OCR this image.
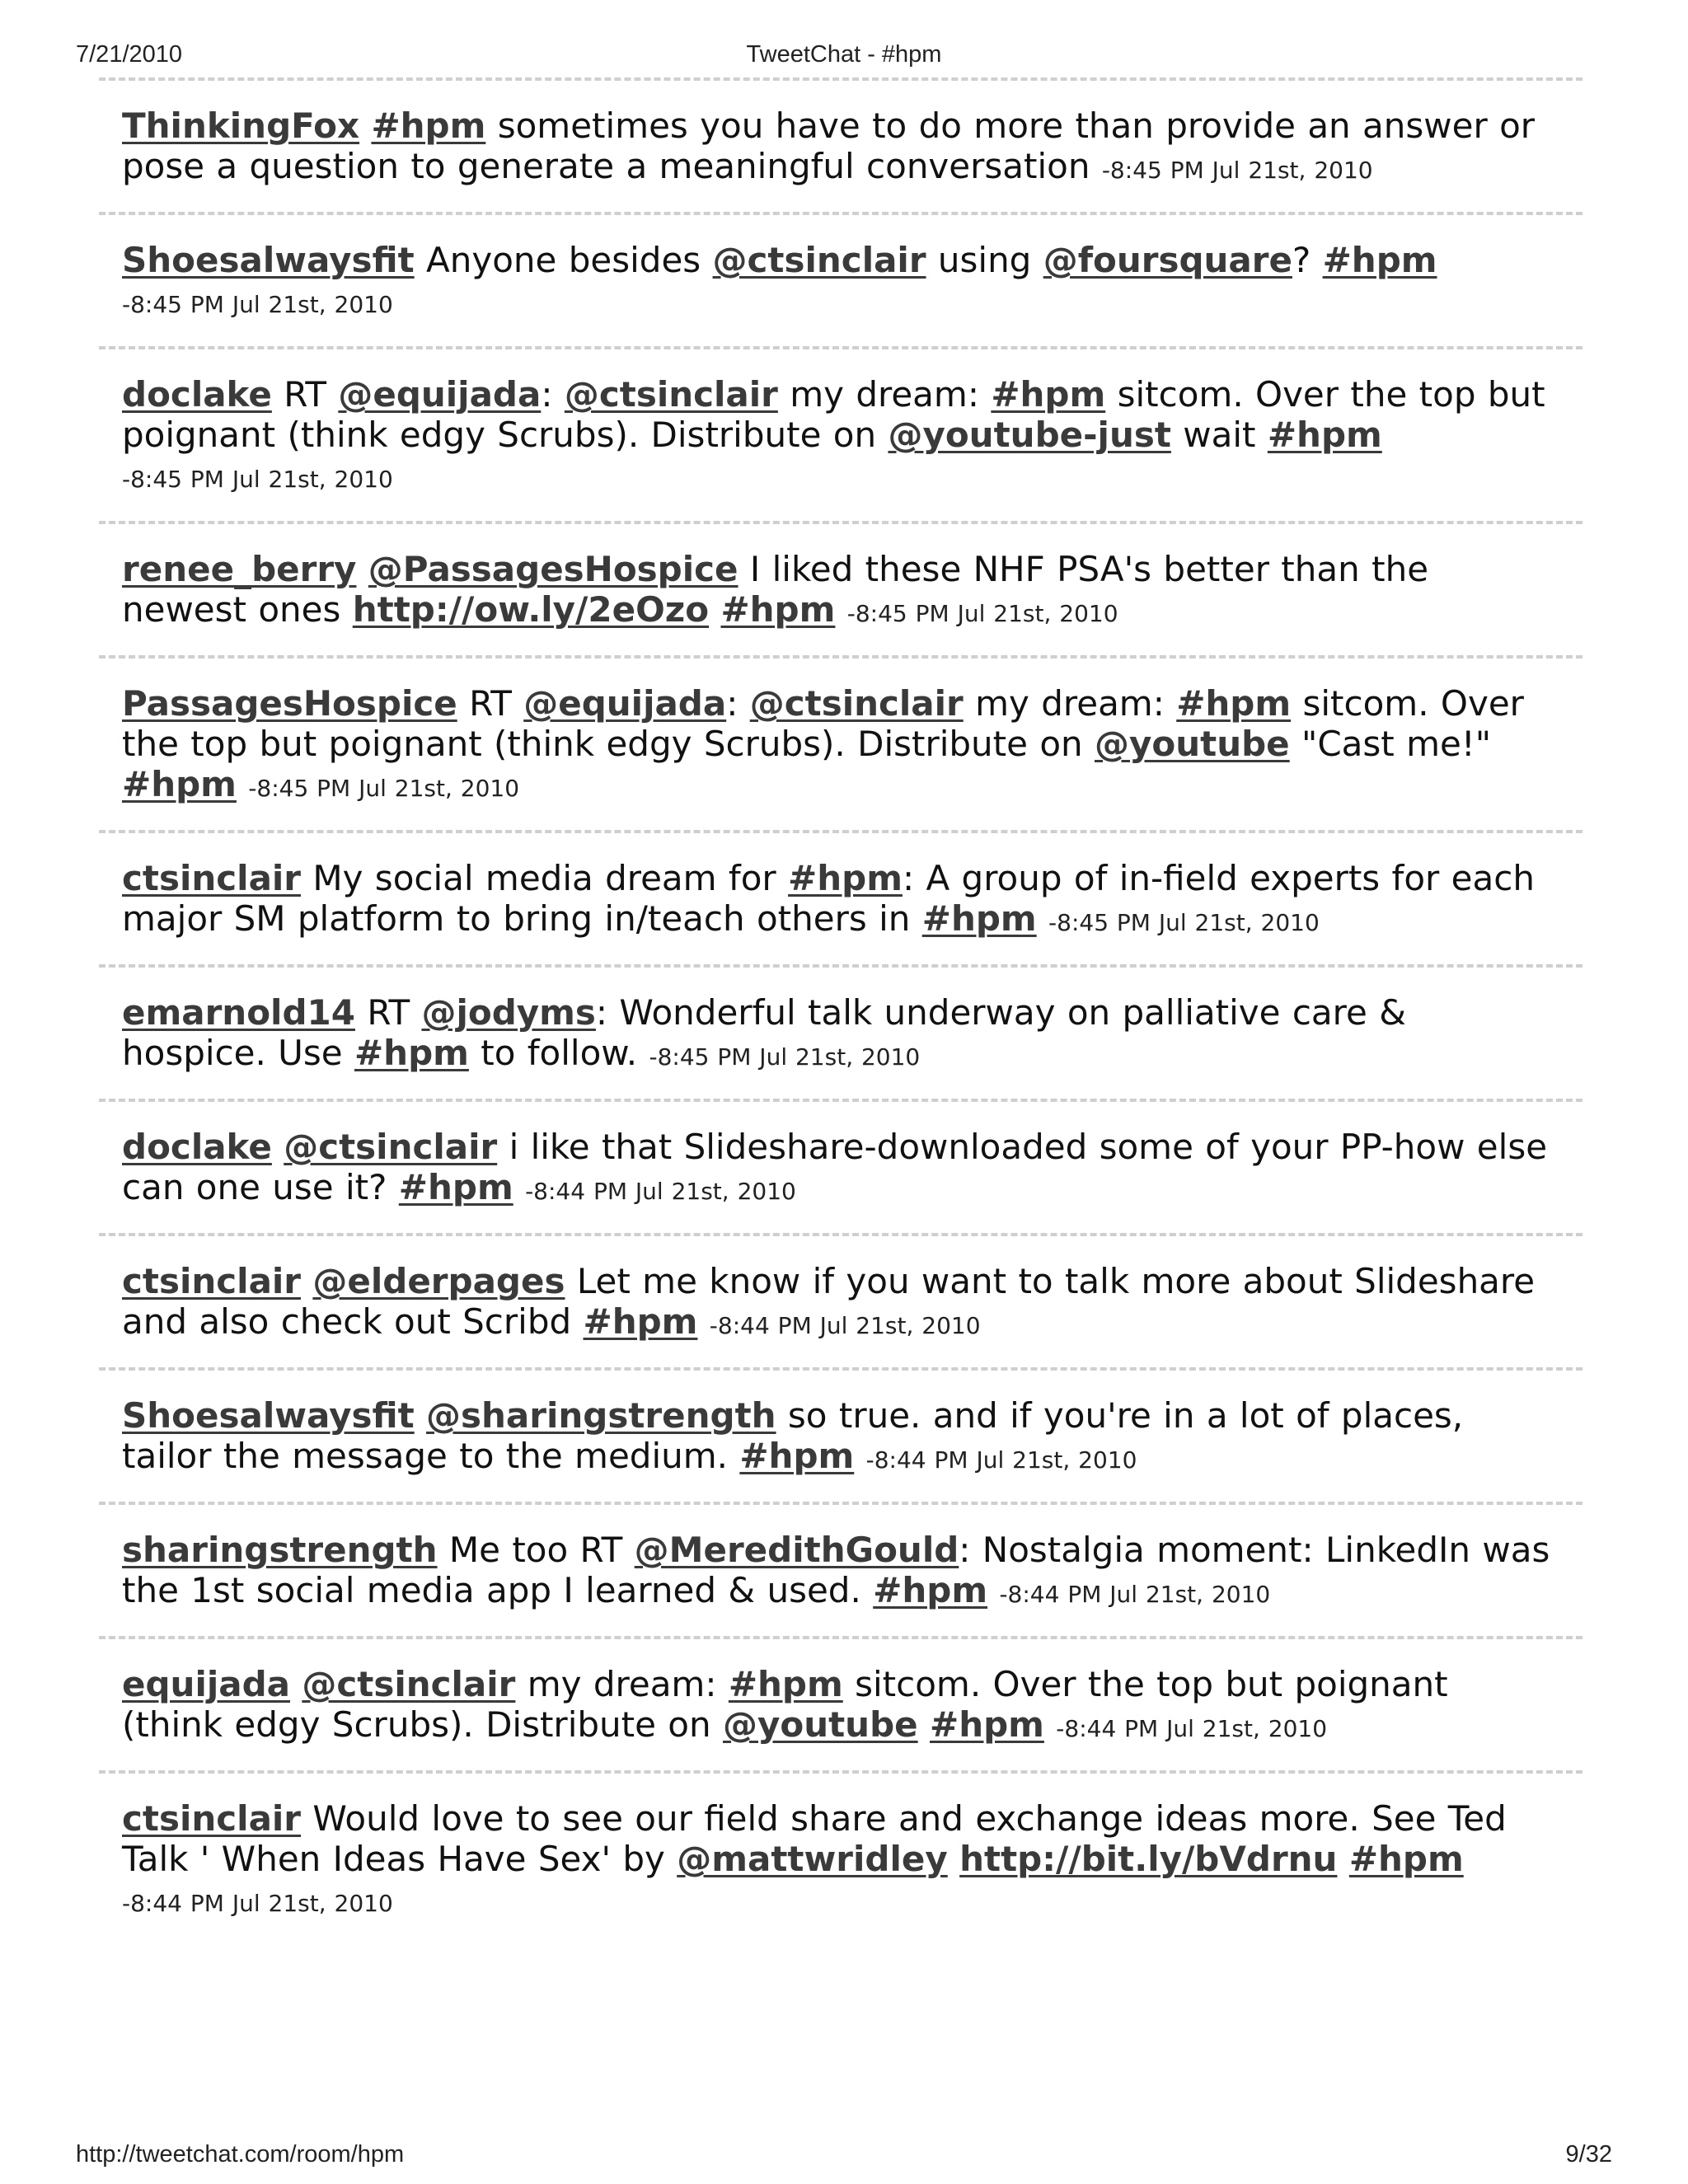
7/21/2010	TweetChat - #hpm
ThinkingFox #hpm sometimes you have to do more than provide an answer or pose a question to generate a meaningful conversation -8:45 PM Jul 21st, 2010
Shoesalwaysfit Anyone besides @ctsinclair using @foursquare? #hpm -8:45 PM Jul 21st, 2010
doclake RT @equijada: @ctsinclair my dream: #hpm sitcom. Over the top but poignant (think edgy Scrubs). Distribute on @youtube-just wait #hpm -8:45 PM Jul 21st, 2010
renee_berry @PassagesHospice I liked these NHF PSA's better than the newest ones http://ow.ly/2eOzo #hpm -8:45 PM Jul 21st, 2010
PassagesHospice RT @equijada: @ctsinclair my dream: #hpm sitcom. Over the top but poignant (think edgy Scrubs). Distribute on @youtube "Cast me!" #hpm -8:45 PM Jul 21st, 2010
ctsinclair My social media dream for #hpm: A group of in-field experts for each major SM platform to bring in/teach others in #hpm -8:45 PM Jul 21st, 2010
emarnold14 RT @jodyms: Wonderful talk underway on palliative care & hospice. Use #hpm to follow. -8:45 PM Jul 21st, 2010
doclake @ctsinclair i like that Slideshare-downloaded some of your PP-how else can one use it? #hpm -8:44 PM Jul 21st, 2010
ctsinclair @elderpages Let me know if you want to talk more about Slideshare and also check out Scribd #hpm -8:44 PM Jul 21st, 2010
Shoesalwaysfit @sharingstrength so true. and if you're in a lot of places, tailor the message to the medium. #hpm -8:44 PM Jul 21st, 2010
sharingstrength Me too RT @MeredithGould: Nostalgia moment: LinkedIn was the 1st social media app I learned & used. #hpm -8:44 PM Jul 21st, 2010
equijada @ctsinclair my dream: #hpm sitcom. Over the top but poignant (think edgy Scrubs). Distribute on @youtube #hpm -8:44 PM Jul 21st, 2010
ctsinclair Would love to see our field share and exchange ideas more. See Ted Talk ' When Ideas Have Sex' by @mattwridley http://bit.ly/bVdrnu #hpm -8:44 PM Jul 21st, 2010
http://tweetchat.com/room/hpm	9/32
